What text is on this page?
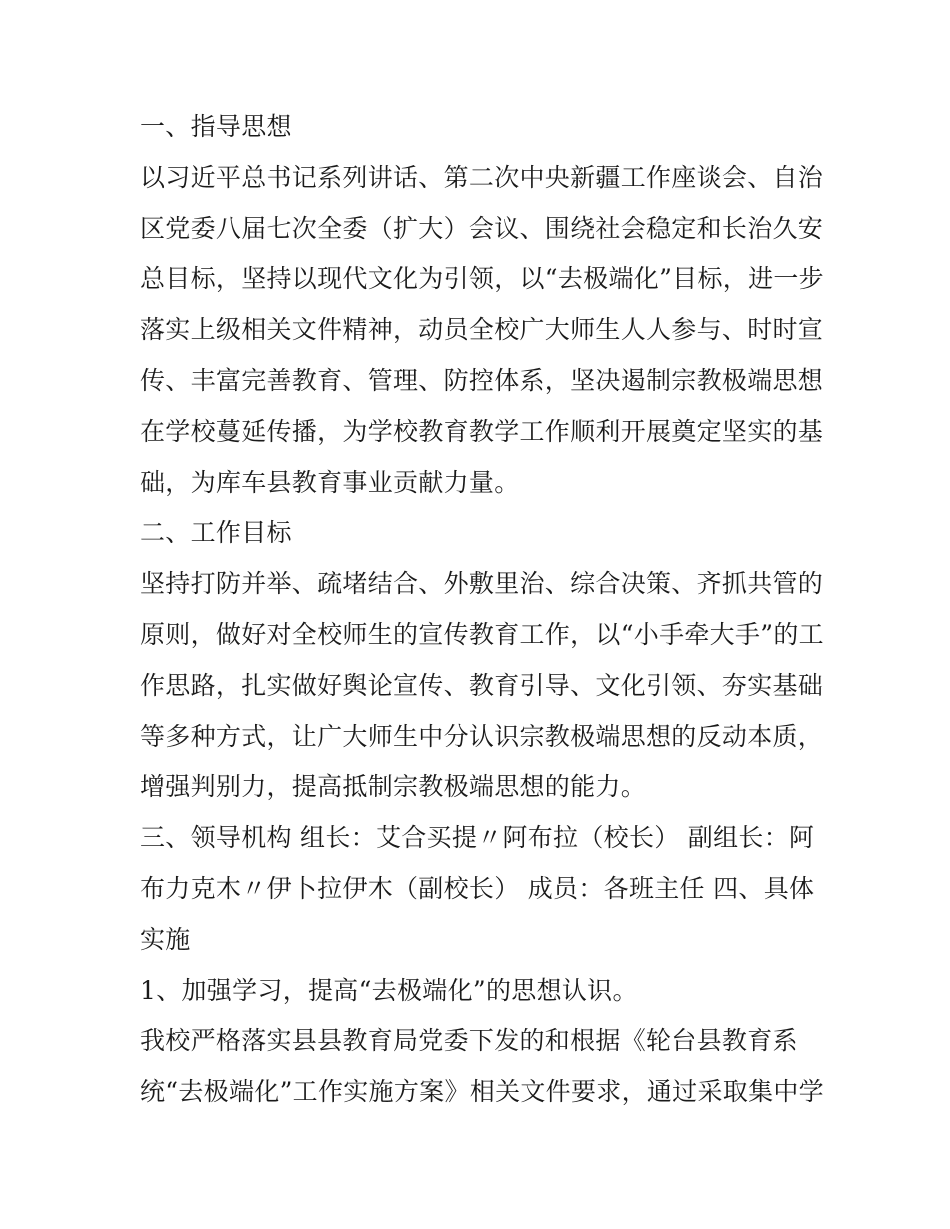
一、指导思想
以习近平总书记系列讲话、第二次中央新疆工作座谈会、自治
区党委八届七次全委（扩大）会议、围绕社会稳定和长治久安
总目标，坚持以现代文化为引领，以“去极端化”目标，进一步
落实上级相关文件精神，动员全校广大师生人人参与、时时宣
传、丰富完善教育、管理、防控体系，坚决遏制宗教极端思想
在学校蔓延传播，为学校教育教学工作顺利开展奠定坚实的基
础，为库车县教育事业贡献力量。
二、工作目标
坚持打防并举、疏堵结合、外敷里治、综合决策、齐抓共管的
原则，做好对全校师生的宣传教育工作，以“小手牵大手”的工
作思路，扎实做好舆论宣传、教育引导、文化引领、夯实基础
等多种方式，让广大师生中分认识宗教极端思想的反动本质，
增强判别力，提高抵制宗教极端思想的能力。
三、领导机构 组长：艾合买提〃阿布拉（校长） 副组长：阿
布力克木〃伊卜拉伊木（副校长） 成员：各班主任 四、具体
实施
1、加强学习，提高“去极端化”的思想认识。
我校严格落实县县教育局党委下发的和根据《轮台县教育系
统“去极端化”工作实施方案》相关文件要求，通过采取集中学
